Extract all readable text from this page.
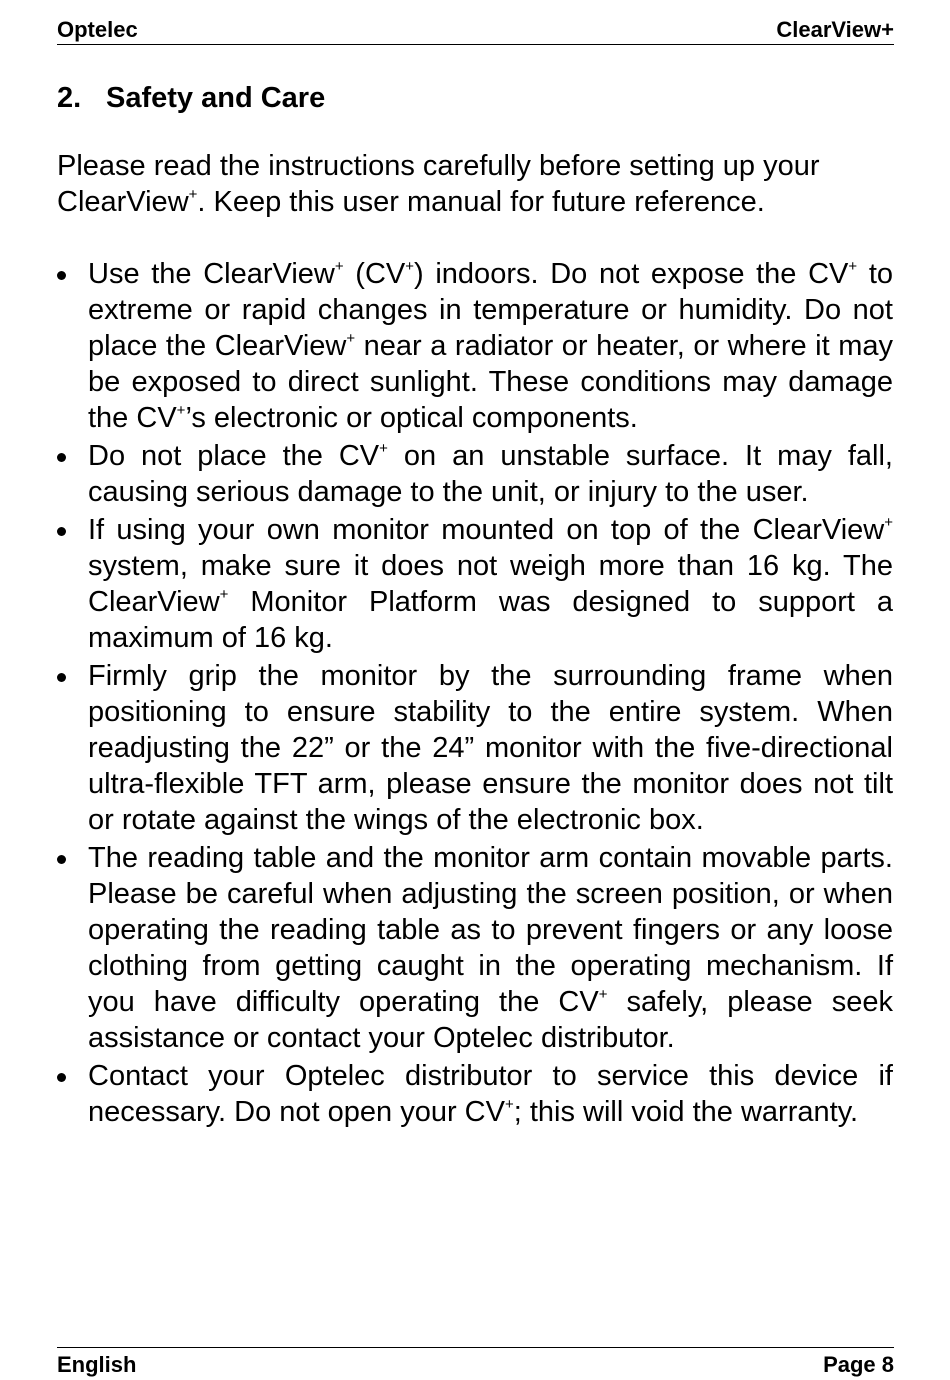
Optelec	ClearView+
2. Safety and Care

Please read the instructions carefully before setting up your ClearView+. Keep this user manual for future reference.

Use the ClearView+ (CV+) indoors. Do not expose the CV+ to extreme or rapid changes in temperature or humidity. Do not place the ClearView+ near a radiator or heater, or where it may be exposed to direct sunlight. These conditions may damage the CV+’s electronic or optical components.
Do not place the CV+ on an unstable surface. It may fall, causing serious damage to the unit, or injury to the user.
If using your own monitor mounted on top of the ClearView+ system, make sure it does not weigh more than 16 kg. The ClearView+ Monitor Platform was designed to support a maximum of 16 kg.
Firmly grip the monitor by the surrounding frame when positioning to ensure stability to the entire system. When readjusting the 22” or the 24” monitor with the five-directional ultra-flexible TFT arm, please ensure the monitor does not tilt or rotate against the wings of the electronic box.
The reading table and the monitor arm contain movable parts. Please be careful when adjusting the screen position, or when operating the reading table as to prevent fingers or any loose clothing from getting caught in the operating mechanism. If you have difficulty operating the CV+ safely, please seek assistance or contact your Optelec distributor.
Contact your Optelec distributor to service this device if necessary. Do not open your CV+; this will void the warranty.
English	Page 8
